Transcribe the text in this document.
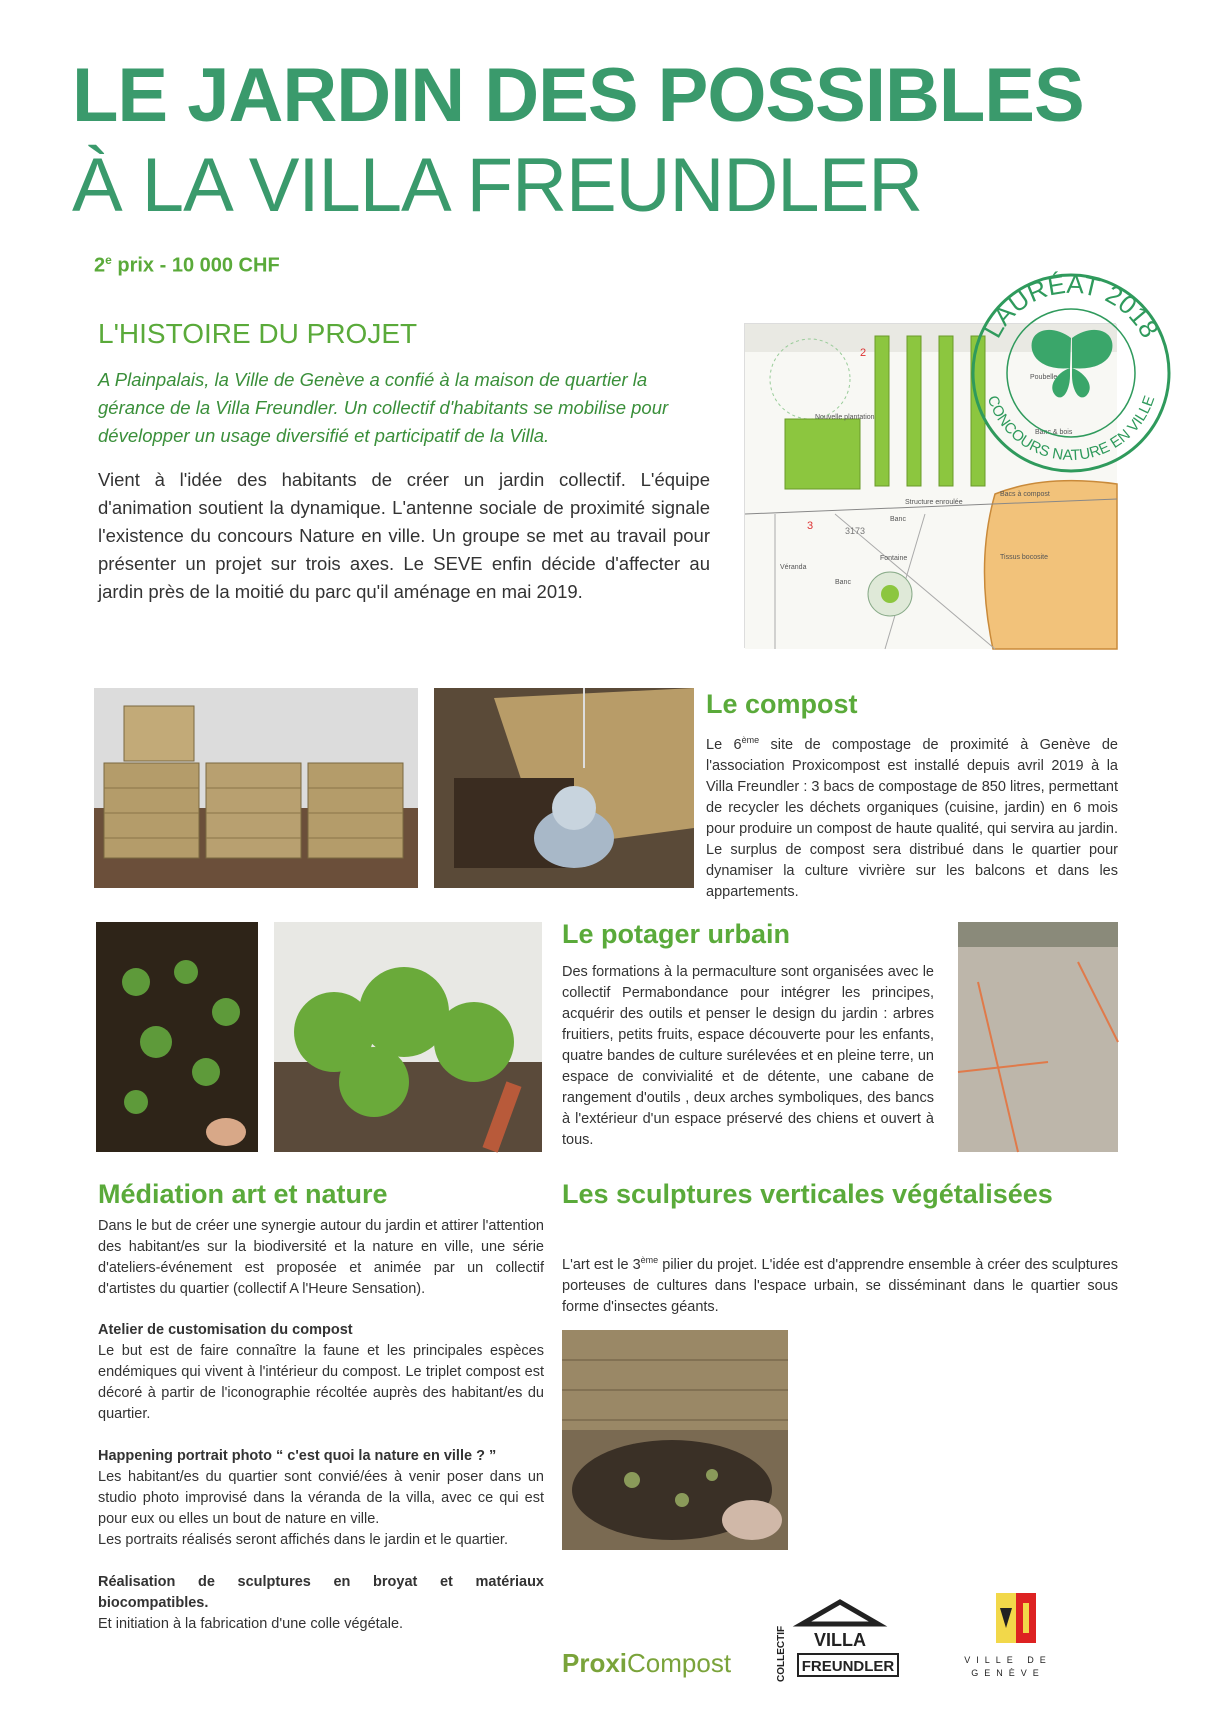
LE JARDIN DES POSSIBLES
À LA VILLA FREUNDLER
2e prix - 10 000 CHF
L'HISTOIRE DU PROJET
A Plainpalais, la Ville de Genève a confié à la maison de quartier la gérance de la Villa Freundler. Un collectif d'habitants se mobilise pour développer un usage diversifié et participatif de la Villa.
Vient à l'idée des habitants de créer un jardin collectif. L'équipe d'animation soutient la dynamique. L'antenne sociale de proximité signale l'existence du concours Nature en ville. Un groupe se met au travail pour présenter un projet sur trois axes. Le SEVE enfin décide d'affecter au jardin près de la moitié du parc qu'il aménage en mai 2019.
Nouvelle plantation
Poubelle
Banc & bois
Structure enroulée
Bacs à compost
Banc
Banc
Fontaine
Véranda
3173
Tissus bocosite
2
3
LAURÉAT 2018
CONCOURS NATURE EN VILLE
Le compost
Le 6ème site de compostage de proximité à Genève de l'association Proxicompost est installé depuis avril 2019 à la Villa Freundler : 3 bacs de compostage de 850 litres, permettant de recycler les déchets organiques (cuisine, jardin) en 6 mois pour produire un compost de haute qualité, qui servira au jardin. Le surplus de compost sera distribué dans le quartier pour dynamiser la culture vivrière sur les balcons et dans les appartements.
Le potager urbain
Des formations à la permaculture sont organisées avec le collectif Permabondance pour intégrer les principes, acquérir des outils et penser le design du jardin : arbres fruitiers, petits fruits, espace découverte pour les enfants, quatre bandes de culture surélevées et en pleine terre, un espace de convivialité et de détente, une cabane de rangement d'outils , deux arches symboliques, des bancs à l'extérieur d'un espace préservé des chiens et ouvert à tous.
Médiation art et nature
Dans le but de créer une synergie autour du jardin et attirer l'attention des habitant/es sur la biodiversité et la nature en ville, une série d'ateliers-événement est proposée et animée par un collectif d'artistes du quartier (collectif A l'Heure Sensation).
Atelier de customisation du compost
Le but est de faire connaître la faune et les principales espèces endémiques qui vivent à l'intérieur du compost. Le triplet compost est décoré à partir de l'iconographie récoltée auprès des habitant/es du quartier.
Happening portrait photo “ c'est quoi la nature en ville ? ”
Les habitant/es du quartier sont convié/ées à venir poser dans un studio photo improvisé dans la véranda de la villa, avec ce qui est pour eux ou elles un bout de nature en ville.
Les portraits réalisés seront affichés dans le jardin et le quartier.
Réalisation de sculptures en broyat et matériaux biocompatibles.
Et initiation à la fabrication d'une colle végétale.
Les sculptures verticales végétalisées
L'art est le 3ème pilier du projet. L'idée est d'apprendre ensemble à créer des sculptures porteuses de cultures dans l'espace urbain, se disséminant dans le quartier sous forme d'insectes géants.
ProxiCompost	COLLECTIF VILLA
FREUNDLER	VILLE DE
GENÈVE
